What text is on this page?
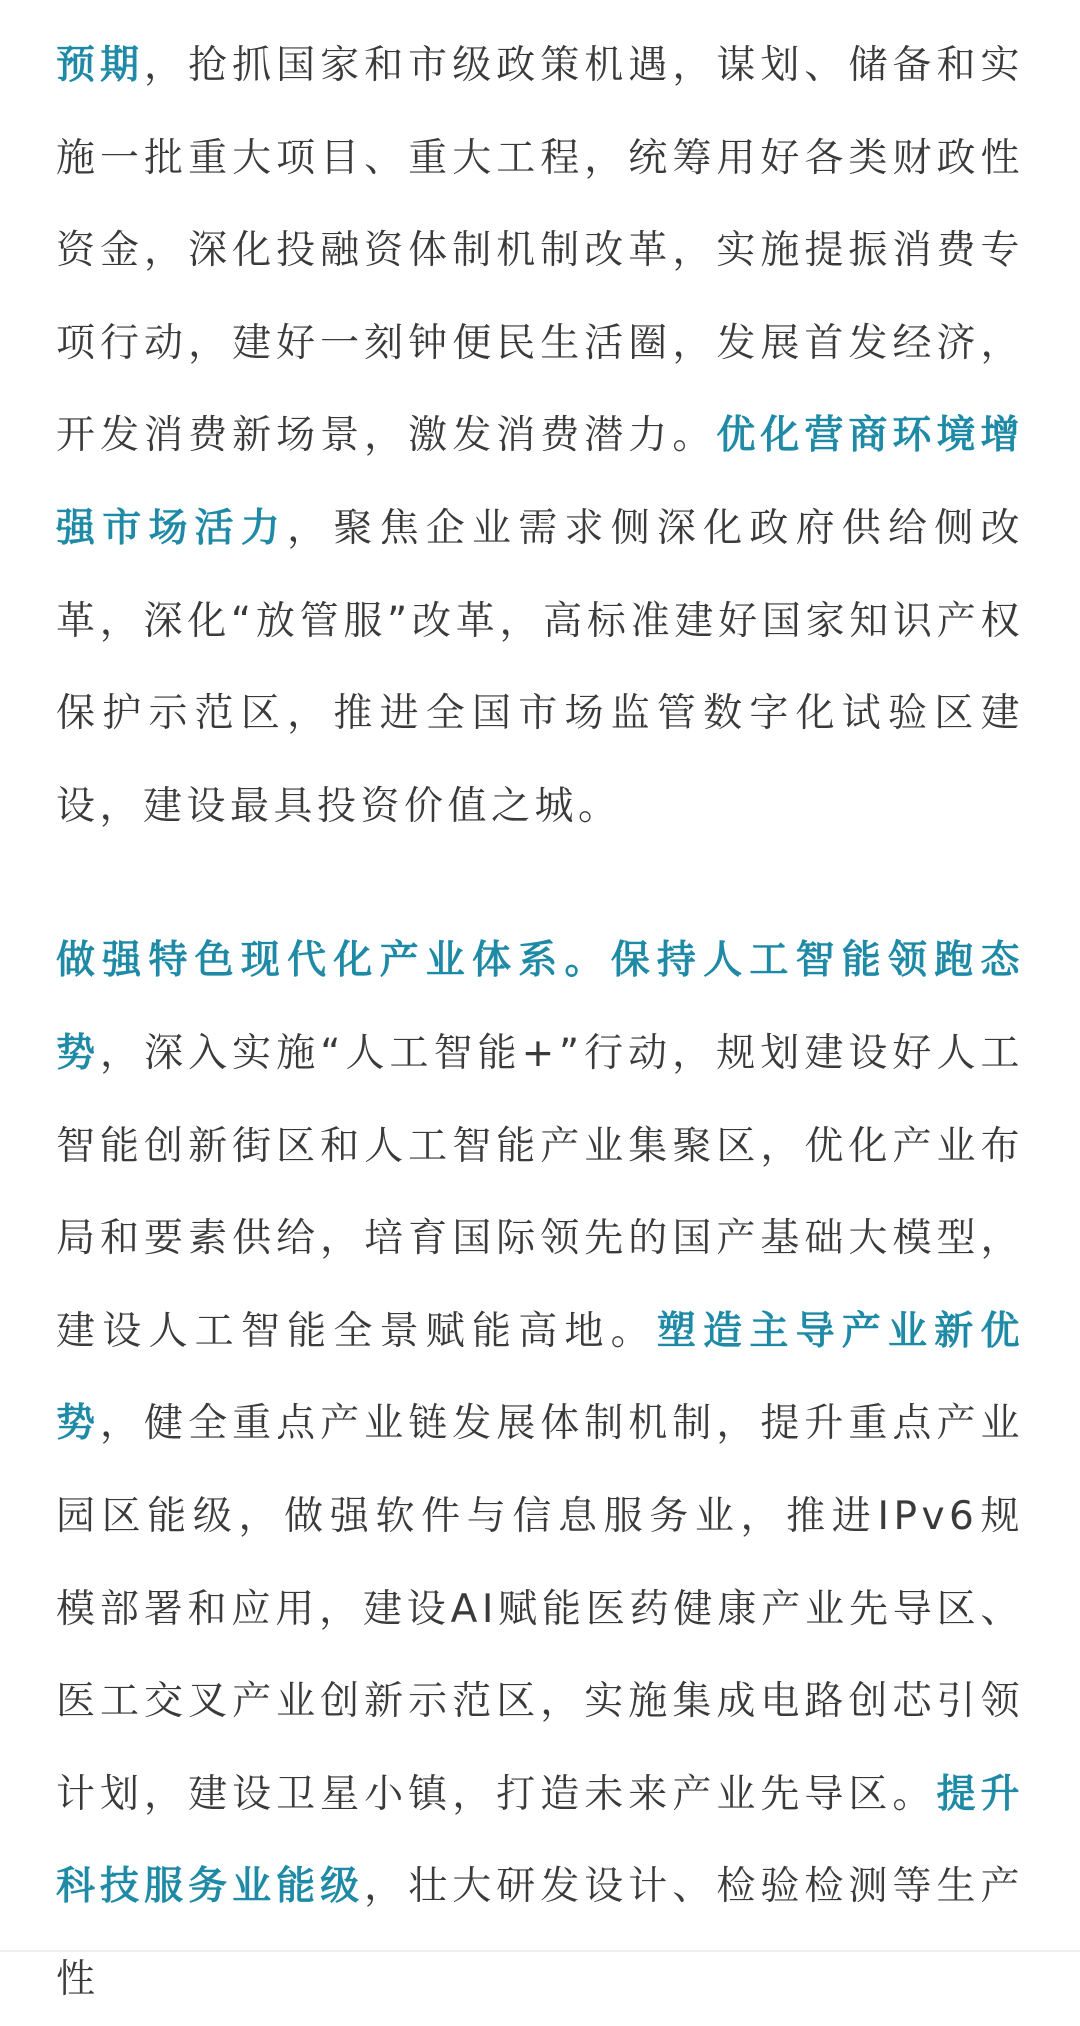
预期，抢抓国家和市级政策机遇，谋划、储备和实施一批重大项目、重大工程，统筹用好各类财政性资金，深化投融资体制机制改革，实施提振消费专项行动，建好一刻钟便民生活圈，发展首发经济，开发消费新场景，激发消费潜力。优化营商环境增强市场活力，聚焦企业需求侧深化政府供给侧改革，深化“放管服”改革，高标准建好国家知识产权保护示范区，推进全国市场监管数字化试验区建设，建设最具投资价值之城。

做强特色现代化产业体系。保持人工智能领跑态势，深入实施“人工智能+”行动，规划建设好人工智能创新街区和人工智能产业集聚区，优化产业布局和要素供给，培育国际领先的国产基础大模型，建设人工智能全景赋能高地。塑造主导产业新优势，健全重点产业链发展体制机制，提升重点产业园区能级，做强软件与信息服务业，推进IPv6规模部署和应用，建设AI赋能医药健康产业先导区、医工交叉产业创新示范区，实施集成电路创芯引领计划，建设卫星小镇，打造未来产业先导区。提升科技服务业能级，壮大研发设计、检验检测等生产性
